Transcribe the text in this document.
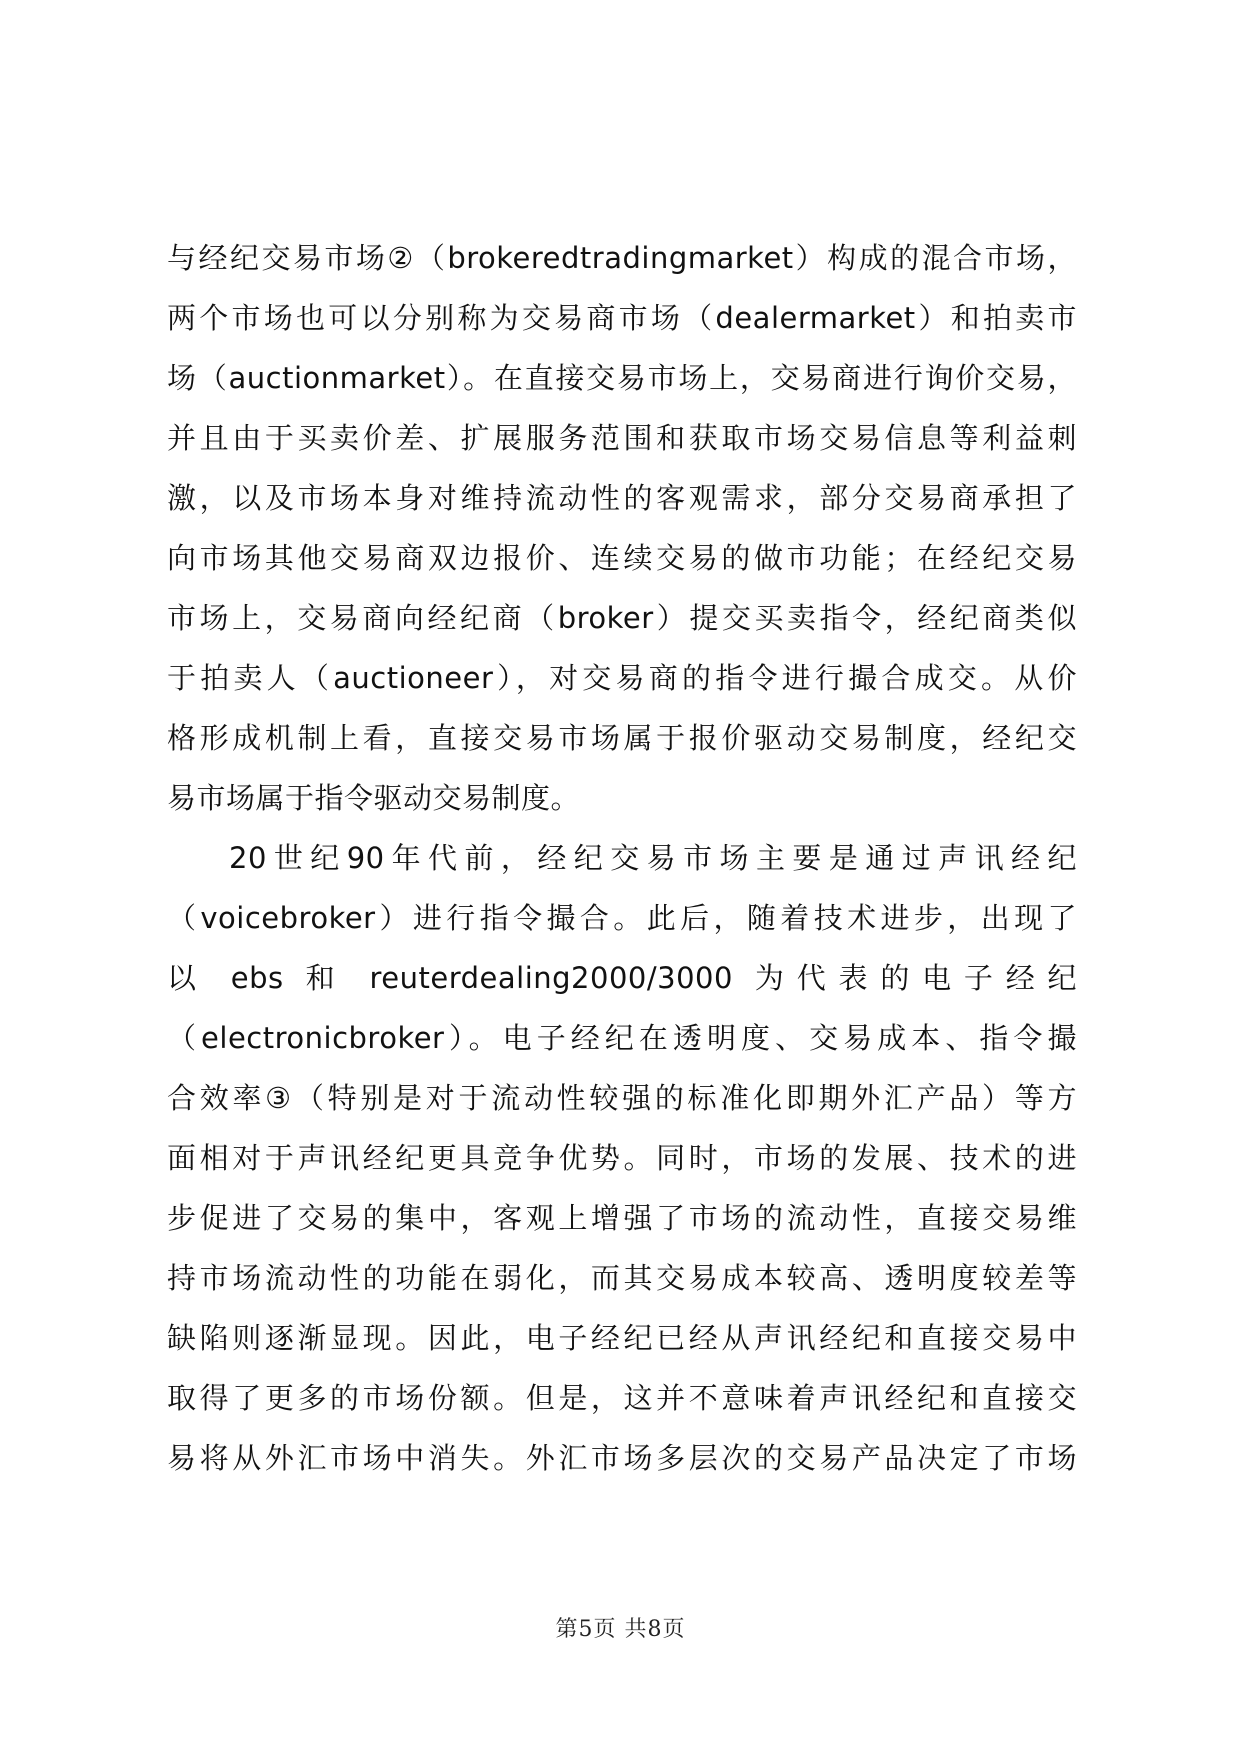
与经纪交易市场②（brokeredtradingmarket）构成的混合市场，
两个市场也可以分别称为交易商市场（dealermarket）和拍卖市
场（auctionmarket）。在直接交易市场上，交易商进行询价交易，
并且由于买卖价差、扩展服务范围和获取市场交易信息等利益刺
激，以及市场本身对维持流动性的客观需求，部分交易商承担了
向市场其他交易商双边报价、连续交易的做市功能；在经纪交易
市场上，交易商向经纪商（broker）提交买卖指令，经纪商类似
于拍卖人（auctioneer），对交易商的指令进行撮合成交。从价
格形成机制上看，直接交易市场属于报价驱动交易制度，经纪交
易市场属于指令驱动交易制度。
20世纪90年代前，经纪交易市场主要是通过声讯经纪
（voicebroker）进行指令撮合。此后，随着技术进步，出现了
以 ebs 和 reuterdealing2000/3000 为代表的电子经纪
（electronicbroker）。电子经纪在透明度、交易成本、指令撮
合效率③（特别是对于流动性较强的标准化即期外汇产品）等方
面相对于声讯经纪更具竞争优势。同时，市场的发展、技术的进
步促进了交易的集中，客观上增强了市场的流动性，直接交易维
持市场流动性的功能在弱化，而其交易成本较高、透明度较差等
缺陷则逐渐显现。因此，电子经纪已经从声讯经纪和直接交易中
取得了更多的市场份额。但是，这并不意味着声讯经纪和直接交
易将从外汇市场中消失。外汇市场多层次的交易产品决定了市场
第5页 共8页
